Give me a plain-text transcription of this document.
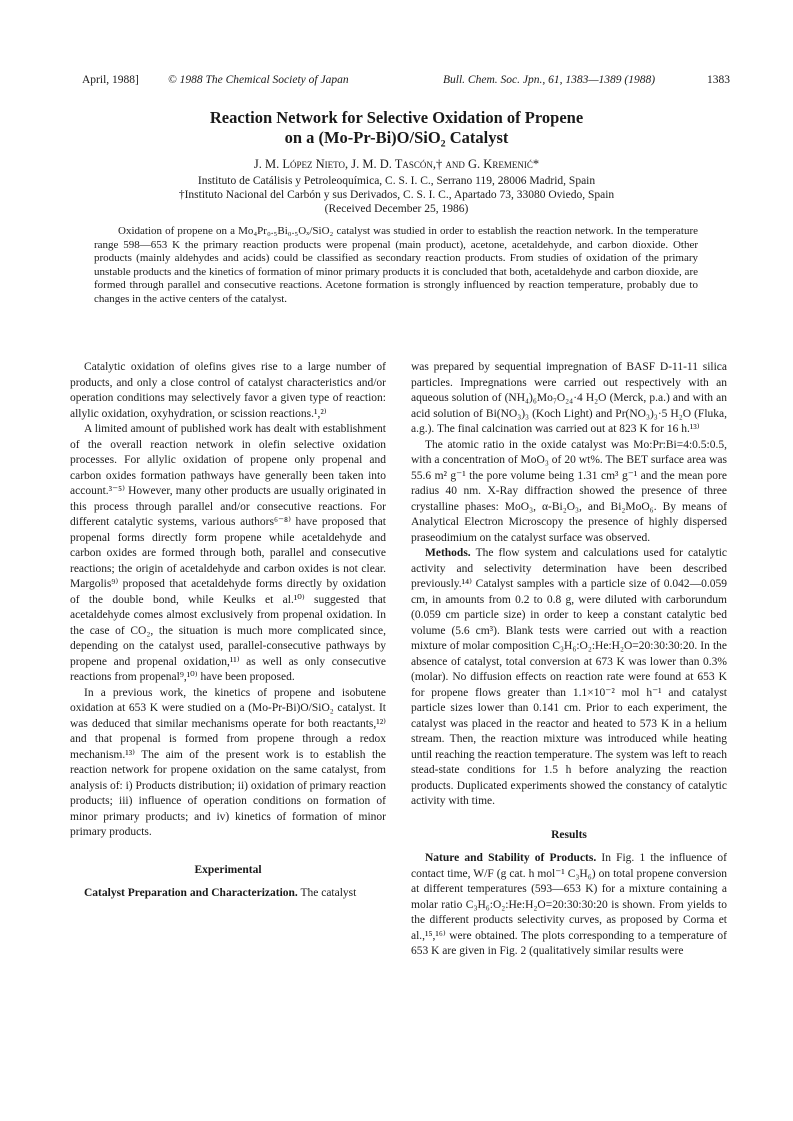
April, 1988]	© 1988 The Chemical Society of Japan	Bull. Chem. Soc. Jpn., 61, 1383—1389 (1988)	1383
Reaction Network for Selective Oxidation of Propene
on a (Mo-Pr-Bi)O/SiO₂ Catalyst
J. M. López Nieto, J. M. D. Tascón,† and G. Kremenić*
Instituto de Catálisis y Petroleoquímica, C. S. I. C., Serrano 119, 28006 Madrid, Spain
†Instituto Nacional del Carbón y sus Derivados, C. S. I. C., Apartado 73, 33080 Oviedo, Spain
(Received December 25, 1986)
Oxidation of propene on a Mo₄Pr₀.₅Bi₀.₅Oₓ/SiO₂ catalyst was studied in order to establish the reaction network. In the temperature range 598—653 K the primary reaction products were propenal (main product), acetone, acetaldehyde, and carbon dioxide. Other products (mainly aldehydes and acids) could be classified as secondary reaction products. From studies of oxidation of the primary unstable products and the kinetics of formation of minor primary products it is concluded that both, acetaldehyde and carbon dioxide, are formed through parallel and consecutive reactions. Acetone formation is strongly influenced by reaction temperature, probably due to changes in the active centers of the catalyst.

Catalytic oxidation of olefins gives rise to a large number of products, and only a close control of catalyst characteristics and/or operation conditions may selectively favor a given type of reaction: allylic oxidation, oxyhydration, or scission reactions.¹,²⁾

A limited amount of published work has dealt with establishment of the overall reaction network in olefin selective oxidation processes. For allylic oxidation of propene only propenal and carbon oxides formation pathways have generally been taken into account.³⁻⁵⁾ However, many other products are usually originated in this process through parallel and/or consecutive reactions. For different catalytic systems, various authors⁶⁻⁸⁾ have proposed that propenal forms directly form propene while acetaldehyde and carbon oxides are formed through both, parallel and consecutive reactions; the origin of acetaldehyde and carbon oxides is not clear. Margolis⁹⁾ proposed that acetaldehyde forms directly by oxidation of the double bond, while Keulks et al.¹⁰⁾ suggested that acetaldehyde comes almost exclusively from propenal oxidation. In the case of CO₂, the situation is much more complicated since, depending on the catalyst used, parallel-consecutive pathways by propene and propenal oxidation,¹¹⁾ as well as only consecutive reactions from propenal⁹,¹⁰⁾ have been proposed.

In a previous work, the kinetics of propene and isobutene oxidation at 653 K were studied on a (Mo-Pr-Bi)O/SiO₂ catalyst. It was deduced that similar mechanisms operate for both reactants,¹²⁾ and that propenal is formed from propene through a redox mechanism.¹³⁾ The aim of the present work is to establish the reaction network for propene oxidation on the same catalyst, from analysis of: i) Products distribution; ii) oxidation of primary reaction products; iii) influence of operation conditions on formation of minor primary products; and iv) kinetics of formation of minor primary products.

Experimental

Catalyst Preparation and Characterization. The catalyst

was prepared by sequential impregnation of BASF D-11-11 silica particles. Impregnations were carried out respectively with an aqueous solution of (NH₄)₆Mo₇O₂₄·4 H₂O (Merck, p.a.) and with an acid solution of Bi(NO₃)₃ (Koch Light) and Pr(NO₃)₃·5 H₂O (Fluka, a.g.). The final calcination was carried out at 823 K for 16 h.¹³⁾

The atomic ratio in the oxide catalyst was Mo:Pr:Bi=4:0.5:0.5, with a concentration of MoO₃ of 20 wt%. The BET surface area was 55.6 m² g⁻¹ the pore volume being 1.31 cm³ g⁻¹ and the mean pore radius 40 nm. X-Ray diffraction showed the presence of three crystalline phases: MoO₃, α-Bi₂O₃, and Bi₂MoO₆. By means of Analytical Electron Microscopy the presence of highly dispersed praseodimium on the catalyst surface was observed.

Methods. The flow system and calculations used for catalytic activity and selectivity determination have been described previously.¹⁴⁾ Catalyst samples with a particle size of 0.042—0.059 cm, in amounts from 0.2 to 0.8 g, were diluted with carborundum (0.059 cm particle size) in order to keep a constant catalytic bed volume (5.6 cm³). Blank tests were carried out with a reaction mixture of molar composition C₃H₆:O₂:He:H₂O=20:30:30:20. In the absence of catalyst, total conversion at 673 K was lower than 0.3% (molar). No diffusion effects on reaction rate were found at 653 K for propene flows greater than 1.1×10⁻² mol h⁻¹ and catalyst particle sizes lower than 0.141 cm. Prior to each experiment, the catalyst was placed in the reactor and heated to 573 K in a helium stream. Then, the reaction mixture was introduced while heating until reaching the reaction temperature. The system was left to reach stead-state conditions for 1.5 h before analyzing the reaction products. Duplicated experiments showed the constancy of catalytic activity with time.

Results

Nature and Stability of Products. In Fig. 1 the influence of contact time, W/F (g cat. h mol⁻¹ C₃H₆) on total propene conversion at different temperatures (593—653 K) for a mixture containing a molar ratio C₃H₆:O₂:He:H₂O=20:30:30:20 is shown. From yields to the different products selectivity curves, as proposed by Corma et al.,¹⁵,¹⁶⁾ were obtained. The plots corresponding to a temperature of 653 K are given in Fig. 2 (qualitatively similar results were
